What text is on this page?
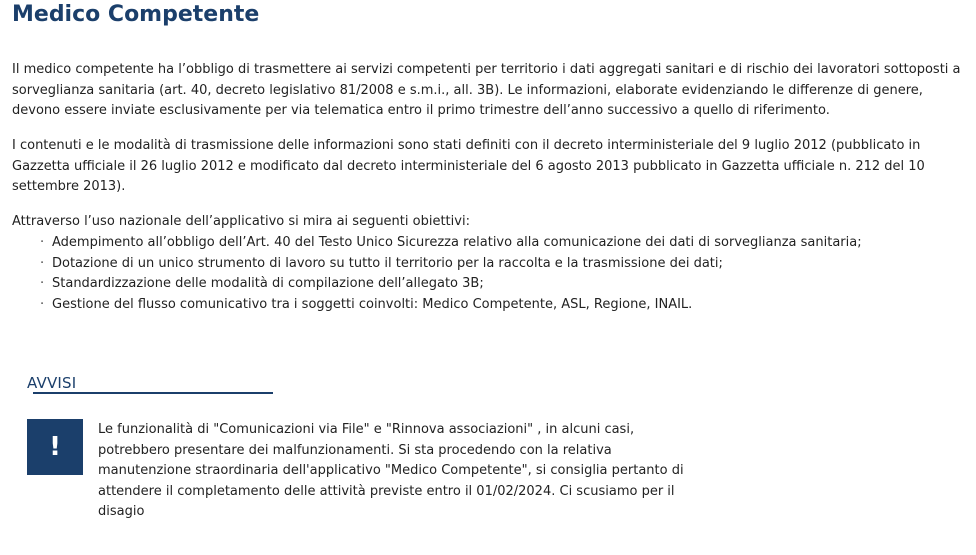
Medico Competente

Il medico competente ha l’obbligo di trasmettere ai servizi competenti per territorio i dati aggregati sanitari e di rischio dei lavoratori sottoposti a sorveglianza sanitaria (art. 40, decreto legislativo 81/2008 e s.m.i., all. 3B). Le informazioni, elaborate evidenziando le differenze di genere, devono essere inviate esclusivamente per via telematica entro il primo trimestre dell’anno successivo a quello di riferimento.

I contenuti e le modalità di trasmissione delle informazioni sono stati definiti con il decreto interministeriale del 9 luglio 2012 (pubblicato in Gazzetta ufficiale il 26 luglio 2012 e modificato dal decreto interministeriale del 6 agosto 2013 pubblicato in Gazzetta ufficiale n. 212 del 10 settembre 2013).

Attraverso l’uso nazionale dell’applicativo si mira ai seguenti obiettivi:

· Adempimento all’obbligo dell’Art. 40 del Testo Unico Sicurezza relativo alla comunicazione dei dati di sorveglianza sanitaria;
· Dotazione di un unico strumento di lavoro su tutto il territorio per la raccolta e la trasmissione dei dati;
· Standardizzazione delle modalità di compilazione dell’allegato 3B;
· Gestione del flusso comunicativo tra i soggetti coinvolti: Medico Competente, ASL, Regione, INAIL.
AVVISI
!

Le funzionalità di "Comunicazioni via File" e "Rinnova associazioni" , in alcuni casi, potrebbero presentare dei malfunzionamenti. Si sta procedendo con la relativa manutenzione straordinaria dell'applicativo "Medico Competente", si consiglia pertanto di attendere il completamento delle attività previste entro il 01/02/2024. Ci scusiamo per il disagio
